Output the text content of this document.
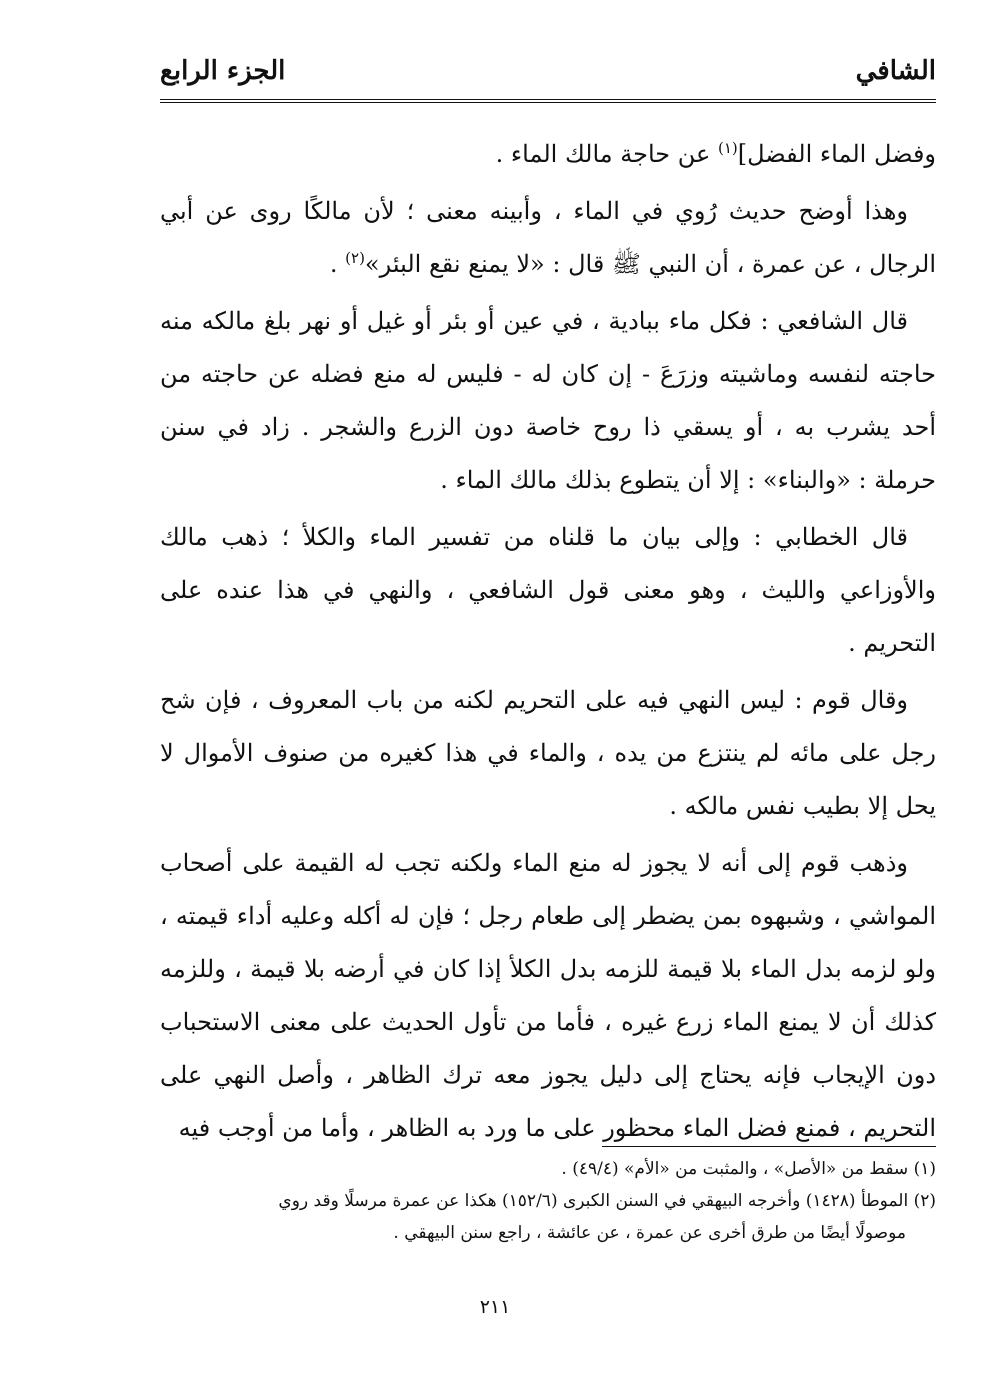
الشافي
الجزء الرابع

وفضل الماء الفضل]$^{(١)}$ عن حاجة مالك الماء .

وهذا أوضح حديث رُوي في الماء ، وأبينه معنى ؛ لأن مالكًا روى عن أبي الرجال ، عن عمرة ، أن النبي ﷺ قال : «لا يمنع نقع البئر»$^{(٢)}$ .

قال الشافعي : فكل ماء ببادية ، في عين أو بئر أو غيل أو نهر بلغ مالكه منه حاجته لنفسه وماشيته وزرَعَ - إن كان له - فليس له منع فضله عن حاجته من أحد يشرب به ، أو يسقي ذا روح خاصة دون الزرع والشجر . زاد في سنن حرملة : «والبناء» : إلا أن يتطوع بذلك مالك الماء .

قال الخطابي : وإلى بيان ما قلناه من تفسير الماء والكلأ ؛ ذهب مالك والأوزاعي والليث ، وهو معنى قول الشافعي ، والنهي في هذا عنده على التحريم .

وقال قوم : ليس النهي فيه على التحريم لكنه من باب المعروف ، فإن شح رجل على مائه لم ينتزع من يده ، والماء في هذا كغيره من صنوف الأموال لا يحل إلا بطيب نفس مالكه .

وذهب قوم إلى أنه لا يجوز له منع الماء ولكنه تجب له القيمة على أصحاب المواشي ، وشبهوه بمن يضطر إلى طعام رجل ؛ فإن له أكله وعليه أداء قيمته ، ولو لزمه بدل الماء بلا قيمة للزمه بدل الكلأ إذا كان في أرضه بلا قيمة ، وللزمه كذلك أن لا يمنع الماء زرع غيره ، فأما من تأول الحديث على معنى الاستحباب دون الإيجاب فإنه يحتاج إلى دليل يجوز معه ترك الظاهر ، وأصل النهي على التحريم ، فمنع فضل الماء محظور على ما ورد به الظاهر ، وأما من أوجب فيه

(١) سقط من «الأصل» ، والمثبت من «الأم» (٤٩/٤) .

(٢) الموطأ (١٤٢٨) وأخرجه البيهقي في السنن الكبرى (١٥٢/٦) هكذا عن عمرة مرسلًا وقد روي

موصولًا أيضًا من طرق أخرى عن عمرة ، عن عائشة ، راجع سنن البيهقي .

٢١١
